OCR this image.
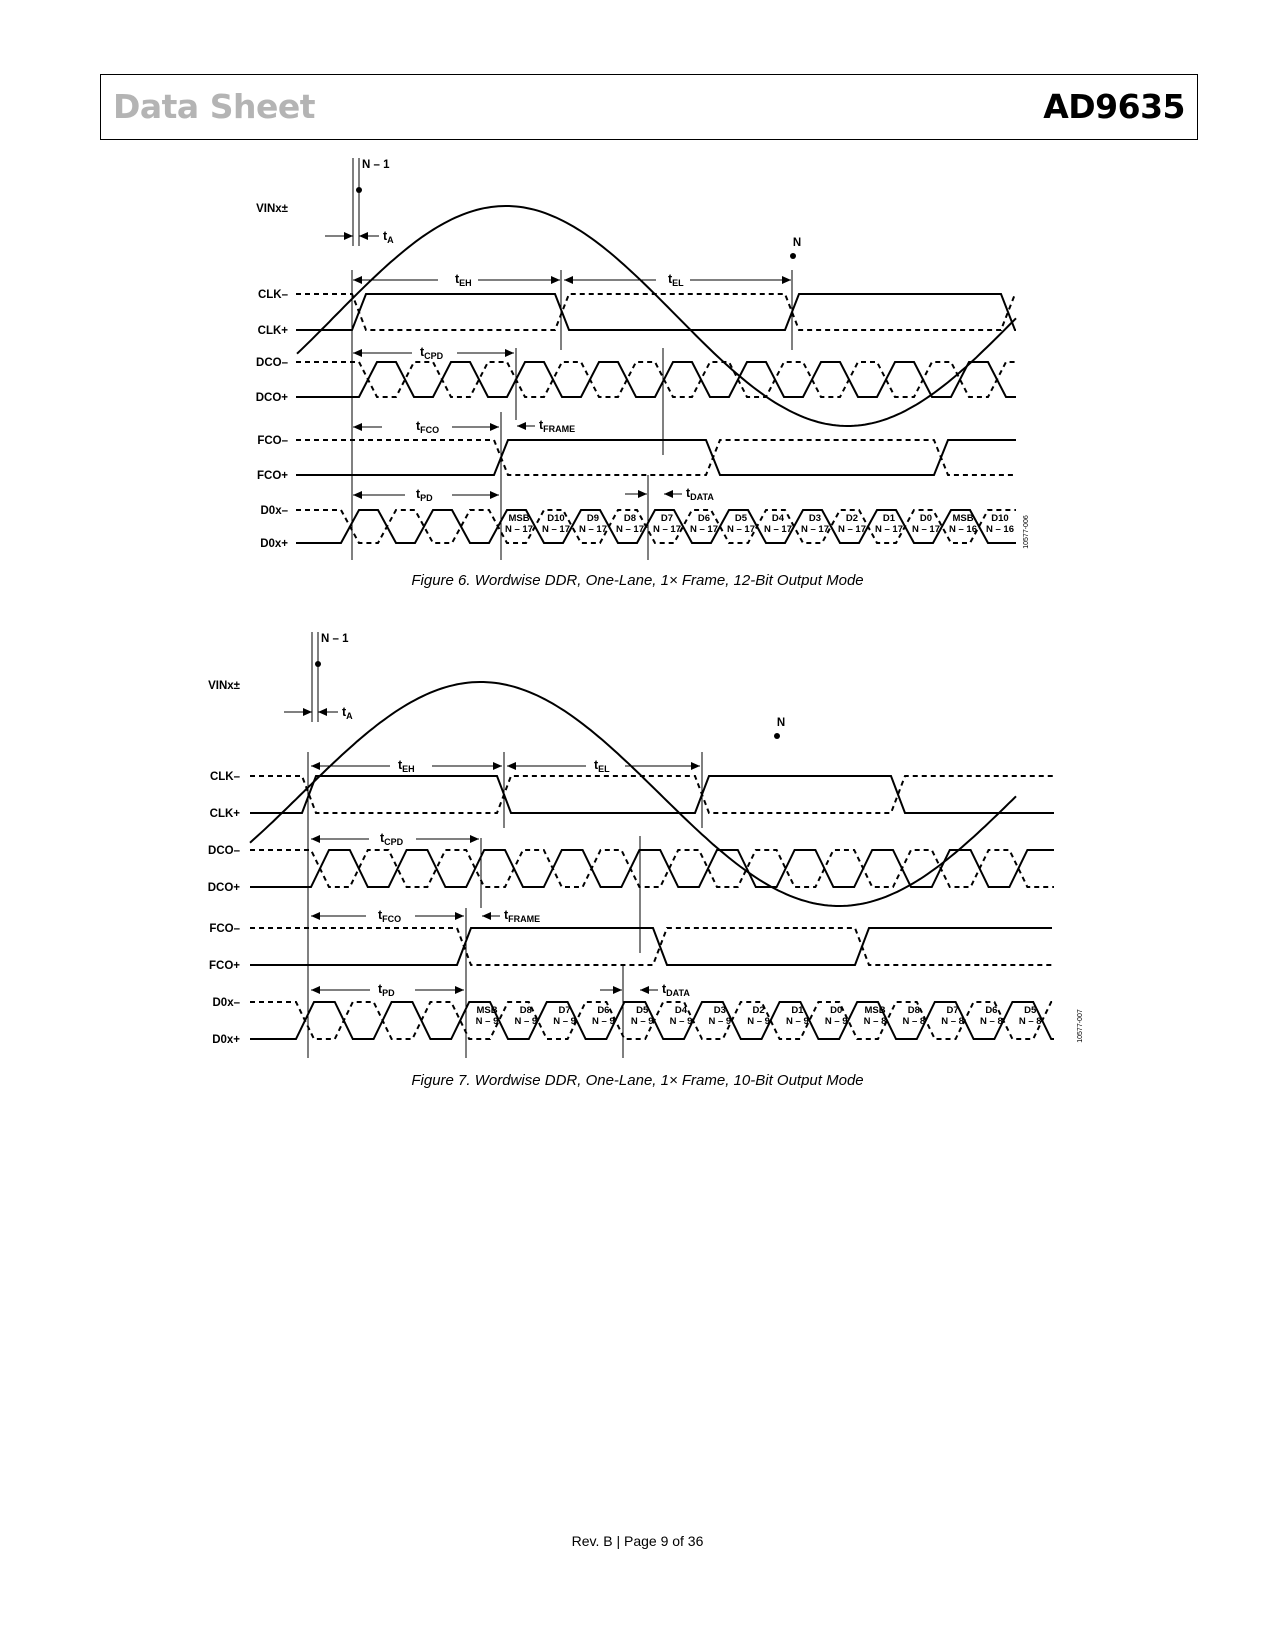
Data Sheet	AD9635
VINx±
N – 1
N
$t_A$
CLK–
CLK+
DCO–
DCO+
FCO–
FCO+
D0x–
D0x+
MSB
N – 17
D10
N – 17
D9
N – 17
D8
N – 17
D7
N – 17
D6
N – 17
D5
N – 17
D4
N – 17
D3
N – 17
D2
N – 17
D1
N – 17
D0
N – 17
MSB
N – 16
D10
N – 16
$t_{EH}$	$t_{EL}$
$t_{CPD}$
$t_{FCO}$
$t_{PD}$
$t_{FRAME}$
$t_{DATA}$
10577-006
Figure 6. Wordwise DDR, One-Lane, 1× Frame, 12-Bit Output Mode
VINx±
N – 1
N
$t_A$
CLK–
CLK+
DCO–
DCO+
FCO–
FCO+
D0x–
D0x+
MSB
N – 9
D8
N – 9
D7
N – 9
D6
N – 9
D5
N – 9
D4
N – 9
D3
N – 9
D2
N – 9
D1
N – 9
D0
N – 9
MSB
N – 8
D8
N – 8
D7
N – 8
D6
N – 8
D5
N – 8
$t_{EH}$	$t_{EL}$
$t_{CPD}$
$t_{FCO}$
$t_{PD}$
$t_{FRAME}$
$t_{DATA}$
10577-007
Figure 7. Wordwise DDR, One-Lane, 1× Frame, 10-Bit Output Mode
Rev. B | Page 9 of 36
